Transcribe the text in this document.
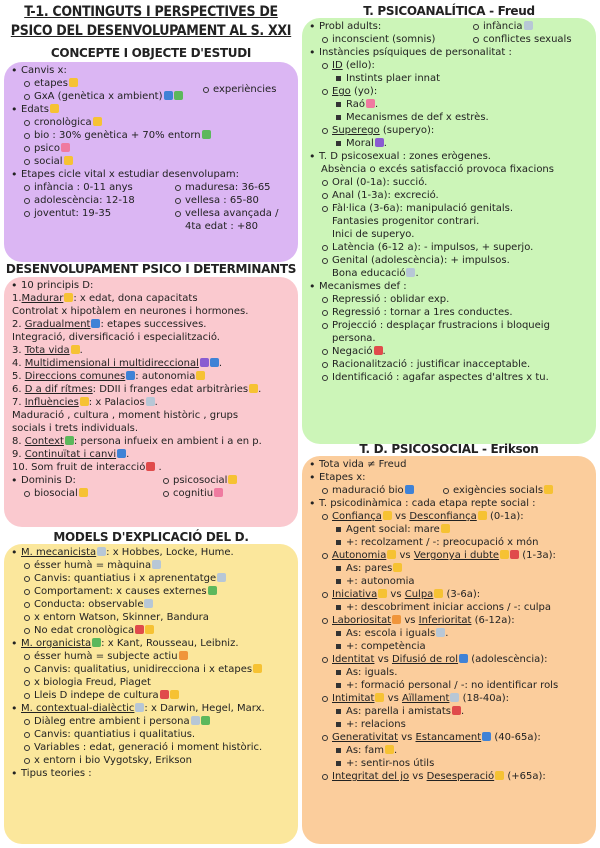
T-1. CONTINGUTS I PERSPECTIVES DE
PSICO DEL DESENVOLUPAMENT AL S. XXI
CONCEPTE I OBJECTE D'ESTUDI
• Canvis x:
etapes
GxA (genètica x ambient)
experiències
• Edats
cronològica
bio : 30% genètica + 70% entorn
psico
social
• Etapes cicle vital x estudiar desenvolupam:
infància : 0-11 anys
adolescència: 12-18
joventut: 19-35
maduresa: 36-65
vellesa : 65-80
vellesa avançada /
4ta edat : +80
DESENVOLUPAMENT PSICO I DETERMINANTS
• 10 principis D:
1.Madurar : x edat, dona capacitats
Controlat x hipotàlem en neurones i hormones.
2. Gradualment : etapes successives.
Integració, diversificació i especialització.
3. Tota vida .
4. Multidimensional i multidireccional .
5. Direccions comunes : autonomia
6. D a dif rítmes: DDII i franges edat arbitràries .
7. Influències : x Palacios .
Maduració , cultura , moment històric , grups
socials i trets individuals.
8. Context : persona infueix en ambient i a en p.
9. Continuïtat i canvi .
10. Som fruit de interacció .
• Dominis D:
biosocial
psicosocial
cognitiu
MODELS D'EXPLICACIÓ DEL D.
• M. mecanicista : x Hobbes, Locke, Hume.
ésser humà = màquina
Canvis: quantiatius i x aprenentatge
Comportament: x causes externes
Conducta: observable
x entorn Watson, Skinner, Bandura
No edat cronològica
• M. organicista : x Kant, Rousseau, Leibniz.
ésser humà = subjecte actiu
Canvis: qualitatius, unidirecciona i x etapes
x biologia Freud, Piaget
Lleis D indepe de cultura
• M. contextual-dialèctic : x Darwin, Hegel, Marx.
Diàleg entre ambient i persona
Canvis: quantiatius i qualitatius.
Variables : edat, generació i moment històric.
x entorn i bio Vygotsky, Erikson
• Tipus teories :
T. PSICOANALÍTICA - Freud
• Probl adults:
inconscient (somnis)
infància
conflictes sexuals
• Instàncies psíquiques de personalitat :
ID (ello):
Instints plaer innat
Ego (yo):
Raó .
Mecanismes de def x estrès.
Superego (superyo):
Moral .
• T. D psicosexual : zones erògenes.
Absència o excés satisfacció provoca fixacions
Oral (0-1a): succió.
Anal (1-3a): excreció.
Fàl·lica (3-6a): manipulació genitals.
Fantasies progenitor contrari.
Inici de superyo.
Latència (6-12 a): - impulsos, + superjo.
Genital (adolescència): + impulsos.
Bona educació .
• Mecanismes def :
Repressió : oblidar exp.
Regressió : tornar a 1res conductes.
Projecció : desplaçar frustracions i bloqueig
persona.
Negació .
Racionalització : justificar inacceptable.
Identificació : agafar aspectes d'altres x tu.
T. D. PSICOSOCIAL - Erikson
• Tota vida ≠ Freud
• Etapes x:
maduració bio	exigències socials
• T. psicodinàmica : cada etapa repte social :
Confiança vs Desconfiança (0-1a):
Agent social: mare
+: recolzament / -: preocupació x món
Autonomia vs Vergonya i dubte (1-3a):
As: pares
+: autonomia
Iniciativa vs Culpa (3-6a):
+: descobriment iniciar accions / -: culpa
Laboriositat vs Inferioritat (6-12a):
As: escola i iguals .
+: competència
Identitat vs Difusió de rol (adolescència):
As: iguals.
+: formació personal / -: no identificar rols
Intimitat vs Aïllament (18-40a):
As: parella i amistats .
+: relacions
Generativitat vs Estancament (40-65a):
As: fam .
+: sentir-nos útils
Integritat del jo vs Desesperació (+65a):
